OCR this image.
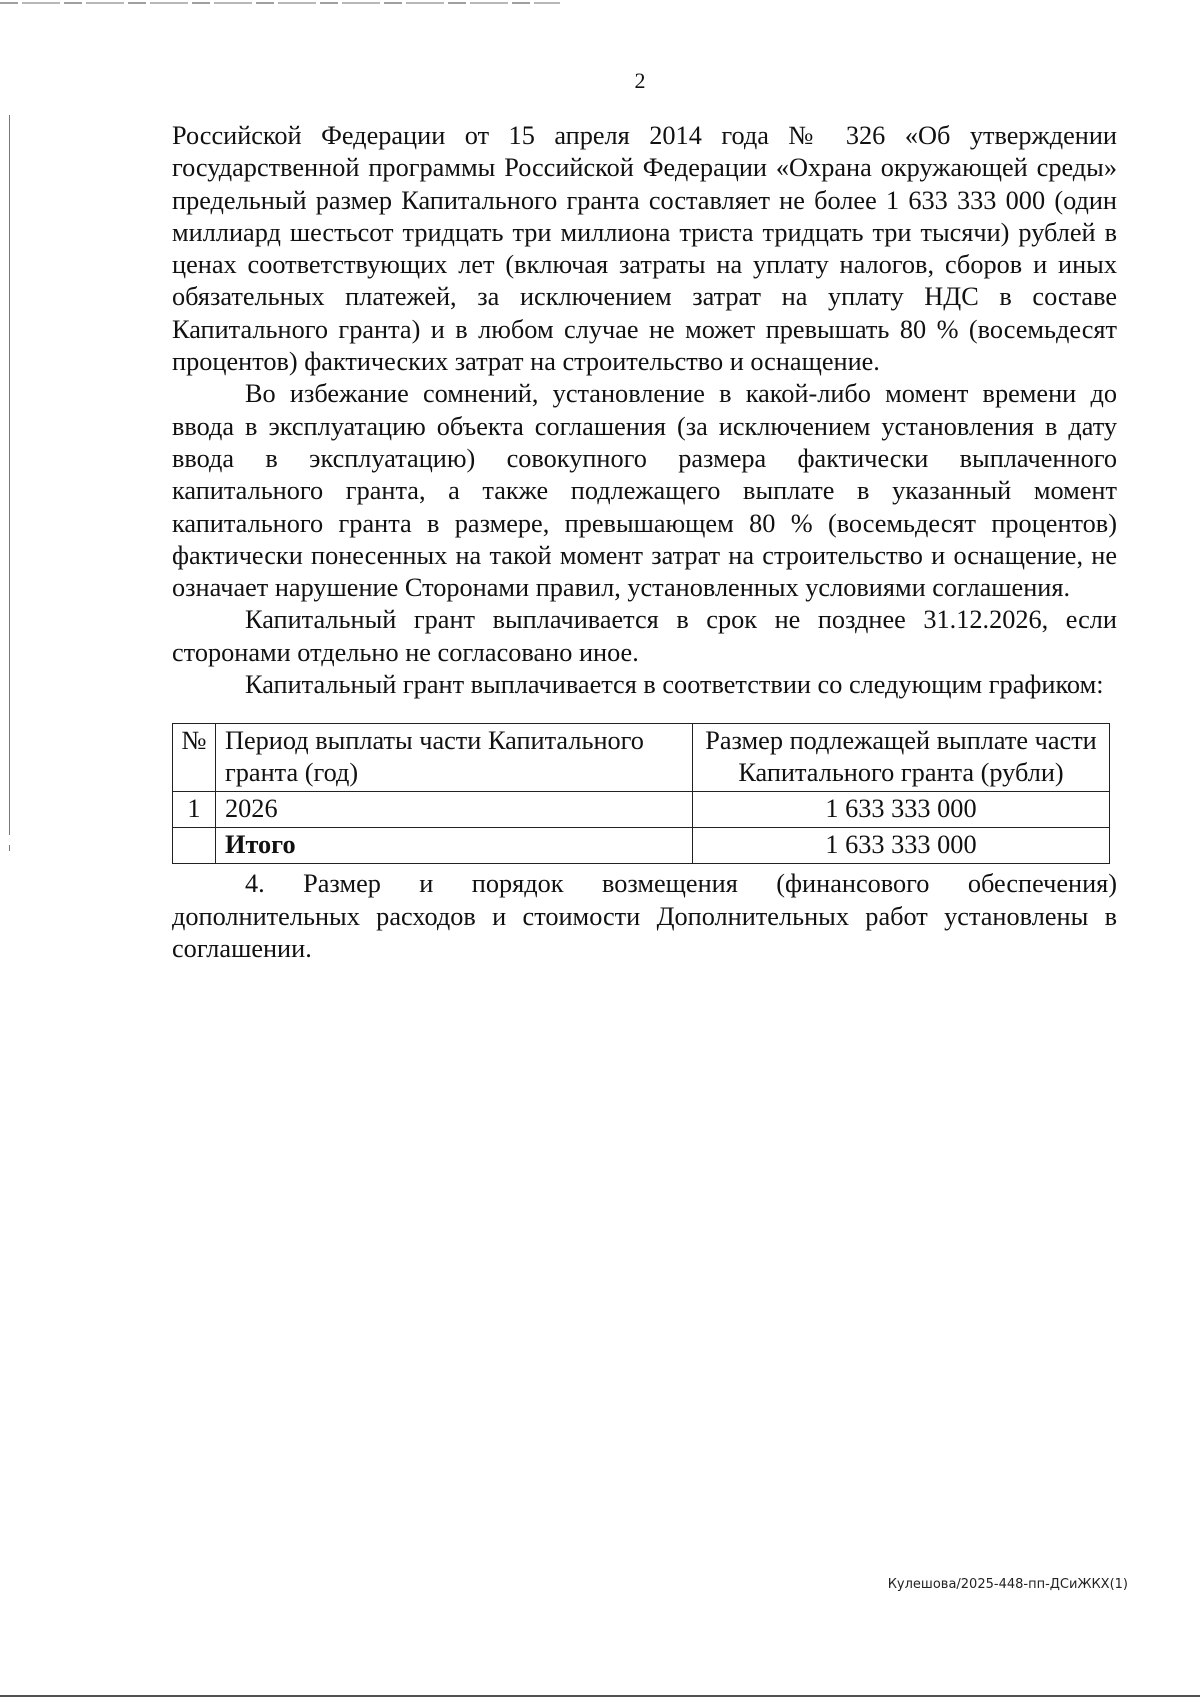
2

Российской Федерации от 15 апреля 2014 года № 326 «Об утверждении государственной программы Российской Федерации «Охрана окружающей среды» предельный размер Капитального гранта составляет не более 1 633 333 000 (один миллиард шестьсот тридцать три миллиона триста тридцать три тысячи) рублей в ценах соответствующих лет (включая затраты на уплату налогов, сборов и иных обязательных платежей, за исключением затрат на уплату НДС в составе Капитального гранта) и в любом случае не может превышать 80 % (восемьдесят процентов) фактических затрат на строительство и оснащение.

Во избежание сомнений, установление в какой-либо момент времени до ввода в эксплуатацию объекта соглашения (за исключением установления в дату ввода в эксплуатацию) совокупного размера фактически выплаченного капитального гранта, а также подлежащего выплате в указанный момент капитального гранта в размере, превышающем 80 % (восемьдесят процентов) фактически понесенных на такой момент затрат на строительство и оснащение, не означает нарушение Сторонами правил, установленных условиями соглашения.

Капитальный грант выплачивается в срок не позднее 31.12.2026, если сторонами отдельно не согласовано иное.

Капитальный грант выплачивается в соответствии со следующим графиком:

№	Период выплаты части Капитального гранта (год)	Размер подлежащей выплате части Капитального гранта (рубли)
1	2026	1 633 333 000
	Итого	1 633 333 000

4. Размер и порядок возмещения (финансового обеспечения) дополнительных расходов и стоимости Дополнительных работ установлены в соглашении.

Кулешова/2025-448-пп-ДСиЖКХ(1)
